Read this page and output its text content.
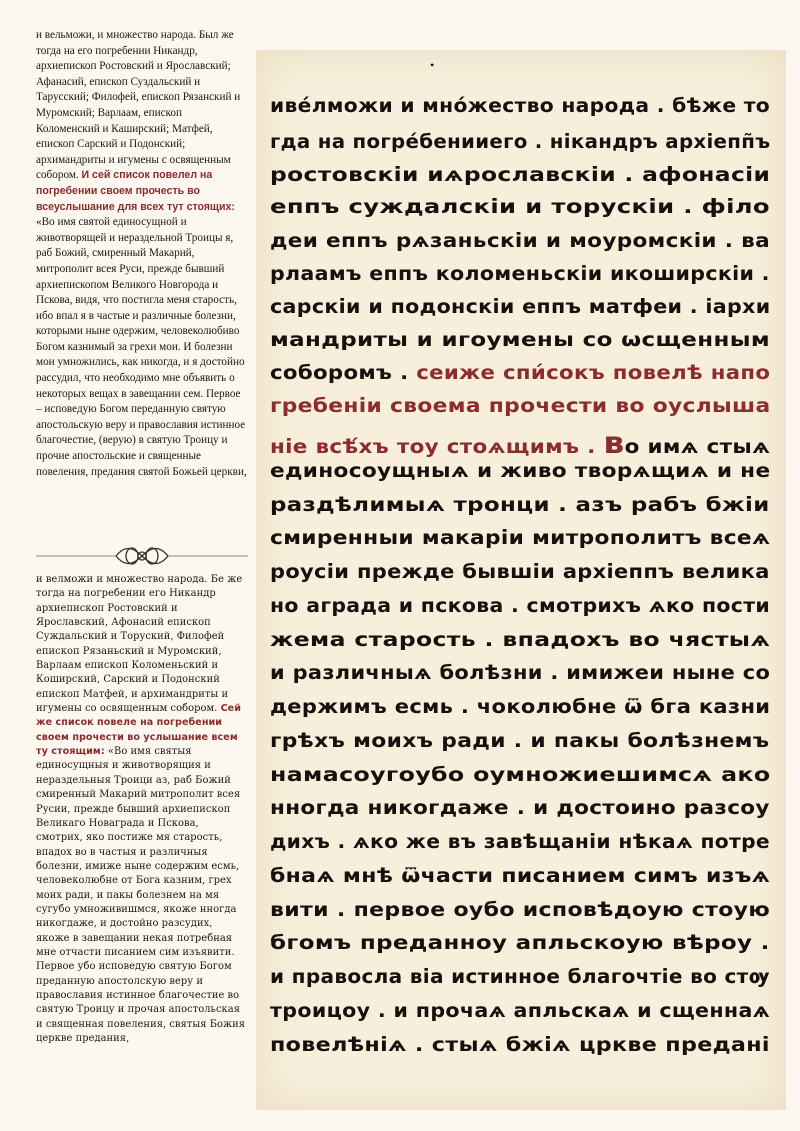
и вельможи, и множество народа. Был же тогда на его погребении Никандр, архиепископ Ростовский и Ярославский; Афанасий, епископ Суздальский и Тарусский; Филофей, епископ Рязанский и Муромский; Варлаам, епископ Коломенский и Каширский; Матфей, епископ Сарский и Подонский; архимандриты и игумены с освященным собором. И сей список повелел на погребении своем прочесть во всеуслышание для всех тут стоящих: «Во имя святой единосущной и животворящей и нераздельной Троицы я, раб Божий, смиренный Макарий, митрополит всея Руси, прежде бывший архиепископом Великого Новгорода и Пскова, видя, что постигла меня старость, ибо впал я в частые и различные болезни, которыми ныне одержим, человеколюбиво Богом казнимый за грехи мои. И болезни мои умножились, как никогда, и я достойно рассудил, что необходимо мне объявить о некоторых вещах в завещании сем. Первое – исповедую Богом переданную святую апостольскую веру и православия истинное благочестие, (верую) в святую Троицу и прочие апостольские и священные повеления, предания святой Божьей церкви,
и велможи и множество народа. Бе же тогда на погребении его Никандр архиепископ Ростовский и Ярославский, Афонасий епископ Суждальский и Торуский, Филофей епископ Рязаньский и Муромский, Варлаам епископ Коломеньский и Коширский, Сарский и Подонский епископ Матфей, и архимандриты и игумены со освященным собором. Сей же список повеле на погребении своем прочести во услышание всем ту стоящим: «Во имя святыя единосущныя и животворящия и нераздельныя Троици аз, раб Божий смиренный Макарий митрополит всея Русии, прежде бывший архиепископ Великаго Новаграда и Пскова, смотрих, яко постиже мя старость, впадох во в частыя и различныя болезни, имиже ныне содержим есмь, человеколюбне от Бога казним, грех моих ради, и пакы болезнем на мя сугубо умноживишмся, якоже нногда никогдаже, и достойно разсудих, якоже в завещании некая потребная мне отчасти писанием сим изъявити. Первое убо исповедую святую Богом преданную апостолскую веру и православия истинное благочестие во святую Троицу и прочая апостольская и священная повеления, святыя Божия церкве предания,
•
иве́лможи и мно́жество народа . бѣже то
гда на погре́бенииего . нікандръ архіепп̃ъ
ростовскіи иѧрославскіи . афонасіи
еппъ суждалскіи и торускіи . філо
деи еппъ рѧзаньскіи и моуромскіи . ва
рлаамъ еппъ коломеньскіи икоширскіи .
сарскіи и подонскіи еппъ матфеи . іархи
мандриты и игоумены со ѡсщенным
соборомъ . сеиже спи́сокъ повелѣ напо
гребеніи своема прочести во оуслыша
ніе всѣ́хъ тоу стоѧщимъ . во имѧ стыѧ
единосоущныѧ и живо творѧщиѧ и не
раздѣлимыѧ тронци . азъ рабъ бжіи
смиренныи макаріи митрополитъ всеѧ
роусіи прежде бывшіи архіеппъ велика
но аграда и пскова . смотрихъ ѧко пости
жема старость . впадохъ во чястыѧ
и различныѧ болѣзни . имижеи ныне со
держимъ есмь . чоколюбне ѿ бга казни
грѣхъ моихъ ради . и пакы болѣзнемъ
намасоугоубо оумножиешимсѧ ако
нногда никогдаже . и достоино разсоу
дихъ . ѧко же въ завѣщаніи нѣкаѧ потре
бнаѧ мнѣ ѿчасти писанием симъ изъѧ
вити . первое оубо исповѣдоую стоую
бгомъ преданноу апльскоую вѣроу .
и правосла віа истинное благочтіе во стѹ
троицоу . и прочаѧ апльскаѧ и сщеннаѧ
повелѣніѧ . стыѧ бжіѧ цркве предані
